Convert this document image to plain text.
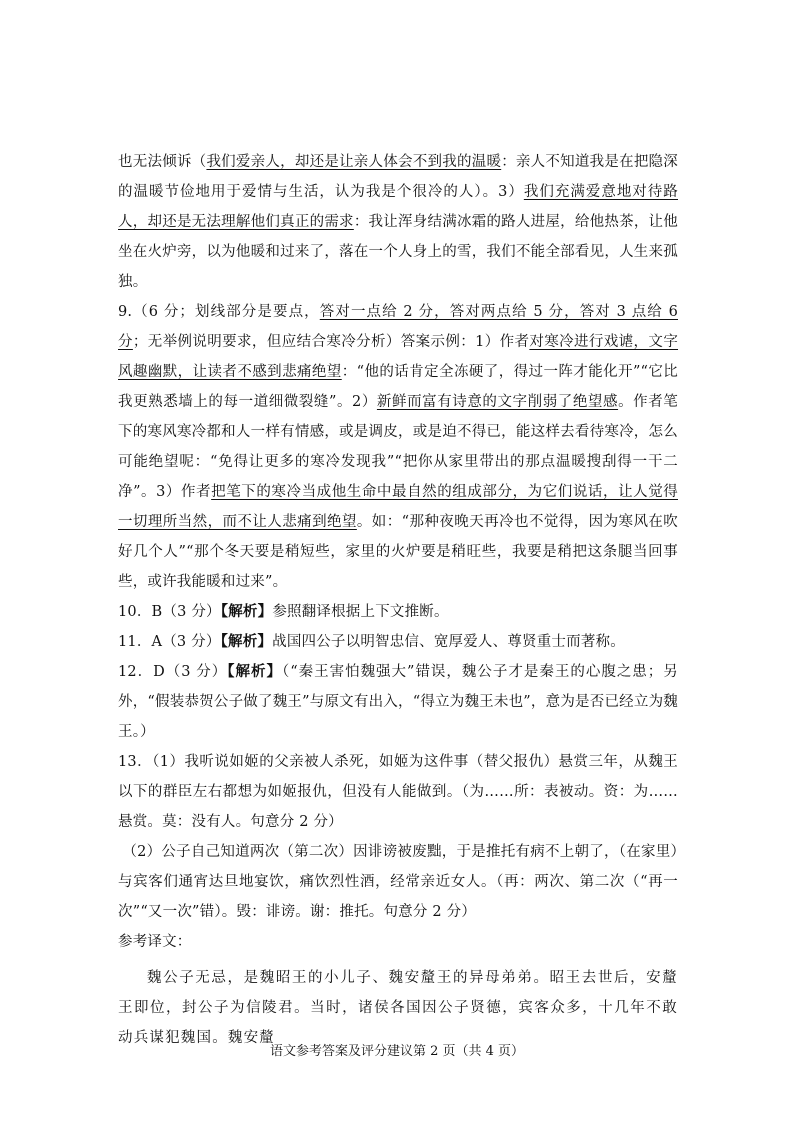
也无法倾诉（我们爱亲人，却还是让亲人体会不到我的温暖：亲人不知道我是在把隐深的温暖节俭地用于爱情与生活，认为我是个很冷的人）。3）我们充满爱意地对待路人，却还是无法理解他们真正的需求：我让浑身结满冰霜的路人进屋，给他热茶，让他坐在火炉旁，以为他暖和过来了，落在一个人身上的雪，我们不能全部看见，人生来孤独。

9.（6 分；划线部分是要点，答对一点给 2 分，答对两点给 5 分，答对 3 点给 6 分；无举例说明要求，但应结合寒冷分析）答案示例：1）作者对寒冷进行戏谑，文字风趣幽默，让读者不感到悲痛绝望：“他的话肯定全冻硬了，得过一阵才能化开”“它比我更熟悉墙上的每一道细微裂缝”。2）新鲜而富有诗意的文字削弱了绝望感。作者笔下的寒风寒冷都和人一样有情感，或是调皮，或是迫不得已，能这样去看待寒冷，怎么可能绝望呢：“免得让更多的寒冷发现我”“把你从家里带出的那点温暖搜刮得一干二净”。3）作者把笔下的寒冷当成他生命中最自然的组成部分，为它们说话，让人觉得一切理所当然，而不让人悲痛到绝望。如：“那种夜晚天再冷也不觉得，因为寒风在吹好几个人”“那个冬天要是稍短些，家里的火炉要是稍旺些，我要是稍把这条腿当回事些，或许我能暖和过来”。

10．B（3 分）【解析】参照翻译根据上下文推断。

11．A（3 分）【解析】战国四公子以明智忠信、宽厚爱人、尊贤重士而著称。

12．D（3 分）【解析】（“秦王害怕魏强大”错误，魏公子才是秦王的心腹之患；另外，“假装恭贺公子做了魏王”与原文有出入，“得立为魏王未也”，意为是否已经立为魏王。）

13．（1）我听说如姬的父亲被人杀死，如姬为这件事（替父报仇）悬赏三年，从魏王以下的群臣左右都想为如姬报仇，但没有人能做到。（为……所：表被动。资：为……悬赏。莫：没有人。句意分 2 分）

（2）公子自己知道两次（第二次）因诽谤被废黜，于是推托有病不上朝了，（在家里）与宾客们通宵达旦地宴饮，痛饮烈性酒，经常亲近女人。（再：两次、第二次（“再一次”“又一次”错）。毁：诽谤。谢：推托。句意分 2 分）

参考译文：

魏公子无忌，是魏昭王的小儿子、魏安釐王的异母弟弟。昭王去世后，安釐王即位，封公子为信陵君。当时，诸侯各国因公子贤德，宾客众多，十几年不敢动兵谋犯魏国。魏安釐

语文参考答案及评分建议第 2 页（共 4 页）
